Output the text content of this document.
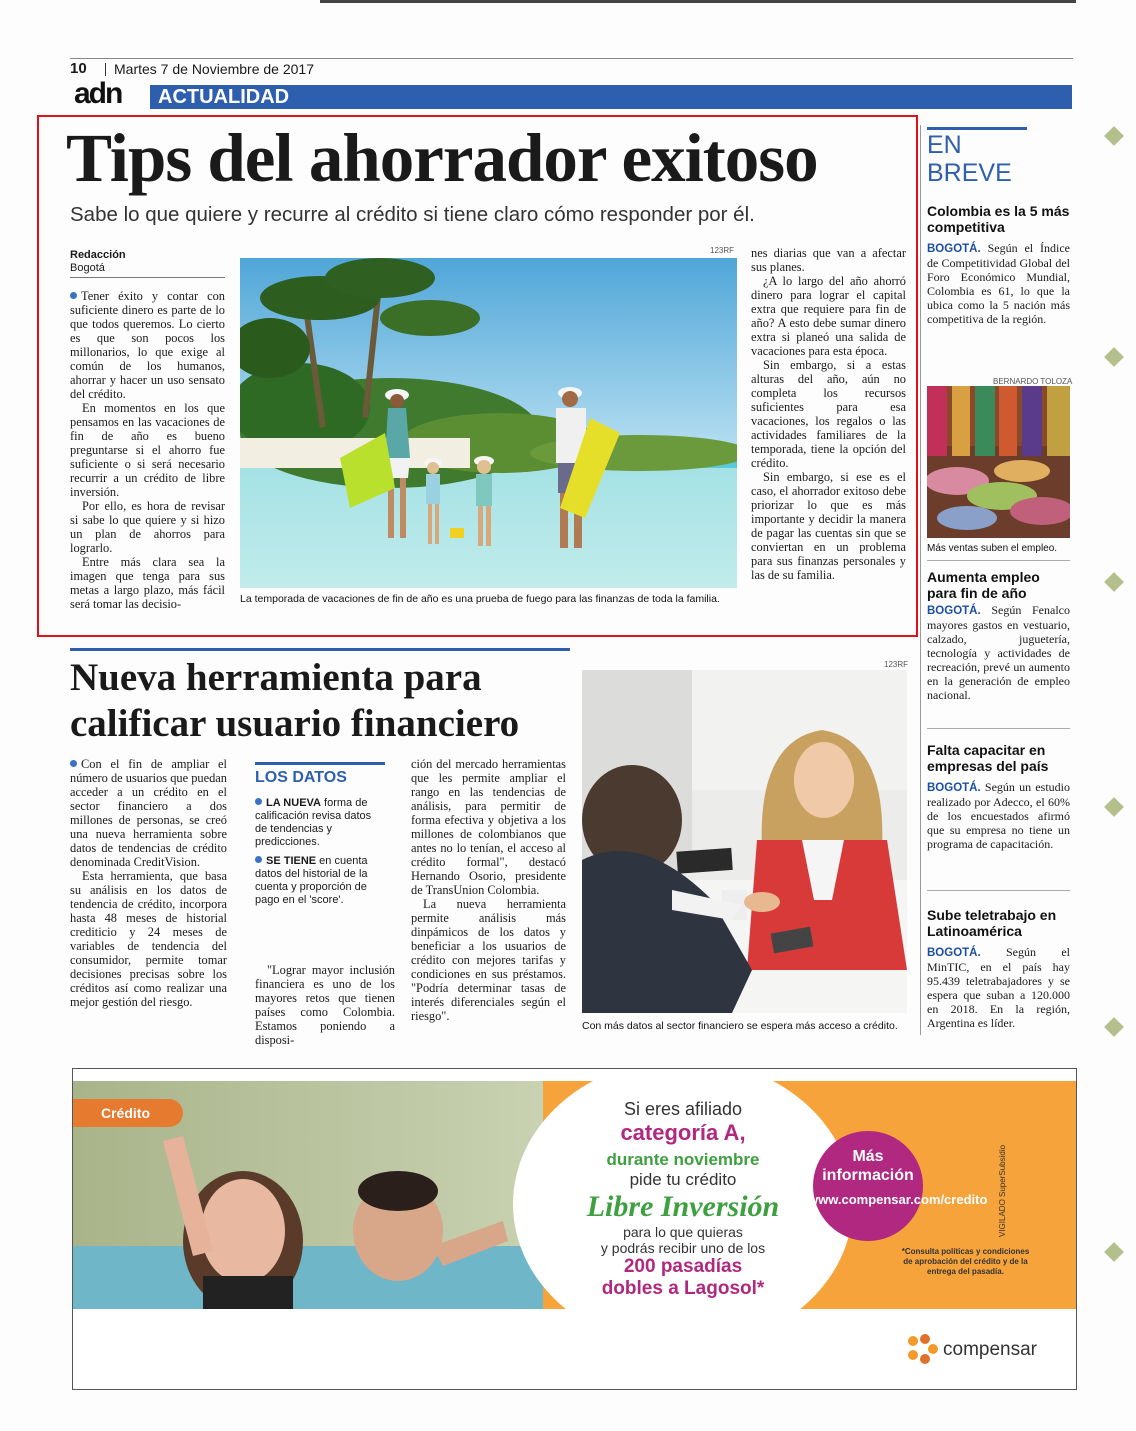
10 Martes 7 de Noviembre de 2017
adn ACTUALIDAD
Tips del ahorrador exitoso
Sabe lo que quiere y recurre al crédito si tiene claro cómo responder por él.
Redacción
Bogotá

Tener éxito y contar con suficiente dinero es parte de lo que todos queremos. Lo cierto es que son pocos los millonarios, lo que exige al común de los humanos, ahorrar y hacer un uso sensato del crédito.

En momentos en los que pensamos en las vacaciones de fin de año es bueno preguntarse si el ahorro fue suficiente o si será necesario recurrir a un crédito de libre inversión.

Por ello, es hora de revisar si sabe lo que quiere y si hizo un plan de ahorros para lograrlo.

Entre más clara sea la imagen que tenga para sus metas a largo plazo, más fácil será tomar las decisio-

123RF
La temporada de vacaciones de fin de año es una prueba de fuego para las finanzas de toda la familia.

nes diarias que van a afectar sus planes.

¿A lo largo del año ahorró dinero para lograr el capital extra que requiere para fin de año? A esto debe sumar dinero extra si planeó una salida de vacaciones para esta época.

Sin embargo, si a estas alturas del año, aún no completa los recursos suficientes para esa vacaciones, los regalos o las actividades familiares de la temporada, tiene la opción del crédito.

Sin embargo, si ese es el caso, el ahorrador exitoso debe priorizar lo que es más importante y decidir la manera de pagar las cuentas sin que se conviertan en un problema para sus finanzas personales y las de su familia.

EN
BREVE
Colombia es la 5 más competitiva
BOGOTÁ. Según el Índice de Competitividad Global del Foro Económico Mundial, Colombia es 61, lo que la ubica como la 5 nación más competitiva de la región.
BERNARDO TOLOZA
Más ventas suben el empleo.
Aumenta empleo para fin de año
BOGOTÁ. Según Fenalco mayores gastos en vestuario, calzado, juguetería, tecnología y actividades de recreación, prevé un aumento en la generación de empleo nacional.
Falta capacitar en empresas del país
BOGOTÁ. Según un estudio realizado por Adecco, el 60% de los encuestados afirmó que su empresa no tiene un programa de capacitación.
Sube teletrabajo en Latinoamérica
BOGOTÁ. Según el MinTIC, en el país hay 95.439 teletrabajadores y se espera que suban a 120.000 en 2018. En la región, Argentina es líder.
Nueva herramienta para
calificar usuario financiero

Con el fin de ampliar el número de usuarios que puedan acceder a un crédito en el sector financiero a dos millones de personas, se creó una nueva herramienta sobre datos de tendencias de crédito denominada CreditVision.

Esta herramienta, que basa su análisis en los datos de tendencia de crédito, incorpora hasta 48 meses de historial crediticio y 24 meses de variables de tendencia del consumidor, permite tomar decisiones precisas sobre los créditos así como realizar una mejor gestión del riesgo.

LOS DATOS
LA NUEVA forma de calificación revisa datos de tendencias y predicciones.
SE TIENE en cuenta datos del historial de la cuenta y proporción de pago en el 'score'.

"Lograr mayor inclusión financiera es uno de los mayores retos que tienen países como Colombia. Estamos poniendo a disposi-

ción del mercado herramientas que les permite ampliar el rango en las tendencias de análisis, para permitir de forma efectiva y objetiva a los millones de colombianos que antes no lo tenían, el acceso al crédito formal", destacó Hernando Osorio, presidente de TransUnion Colombia.

La nueva herramienta permite análisis más dinpámicos de los datos y beneficiar a los usuarios de crédito con mejores tarifas y condiciones en sus préstamos. "Podría determinar tasas de interés diferenciales según el riesgo".

123RF
Con más datos al sector financiero se espera más acceso a crédito.
Crédito	Si eres afiliado
categoría A,
durante noviembre
pide tu crédito
Libre Inversión
para lo que quieras
y podrás recibir uno de los
200 pasadías
dobles a Lagosol*
Más
información
www.compensar.com/credito
*Consulta políticas y condiciones de aprobación del crédito y de la entrega del pasadía.
VIGILADO SuperSubsidio
compensar
